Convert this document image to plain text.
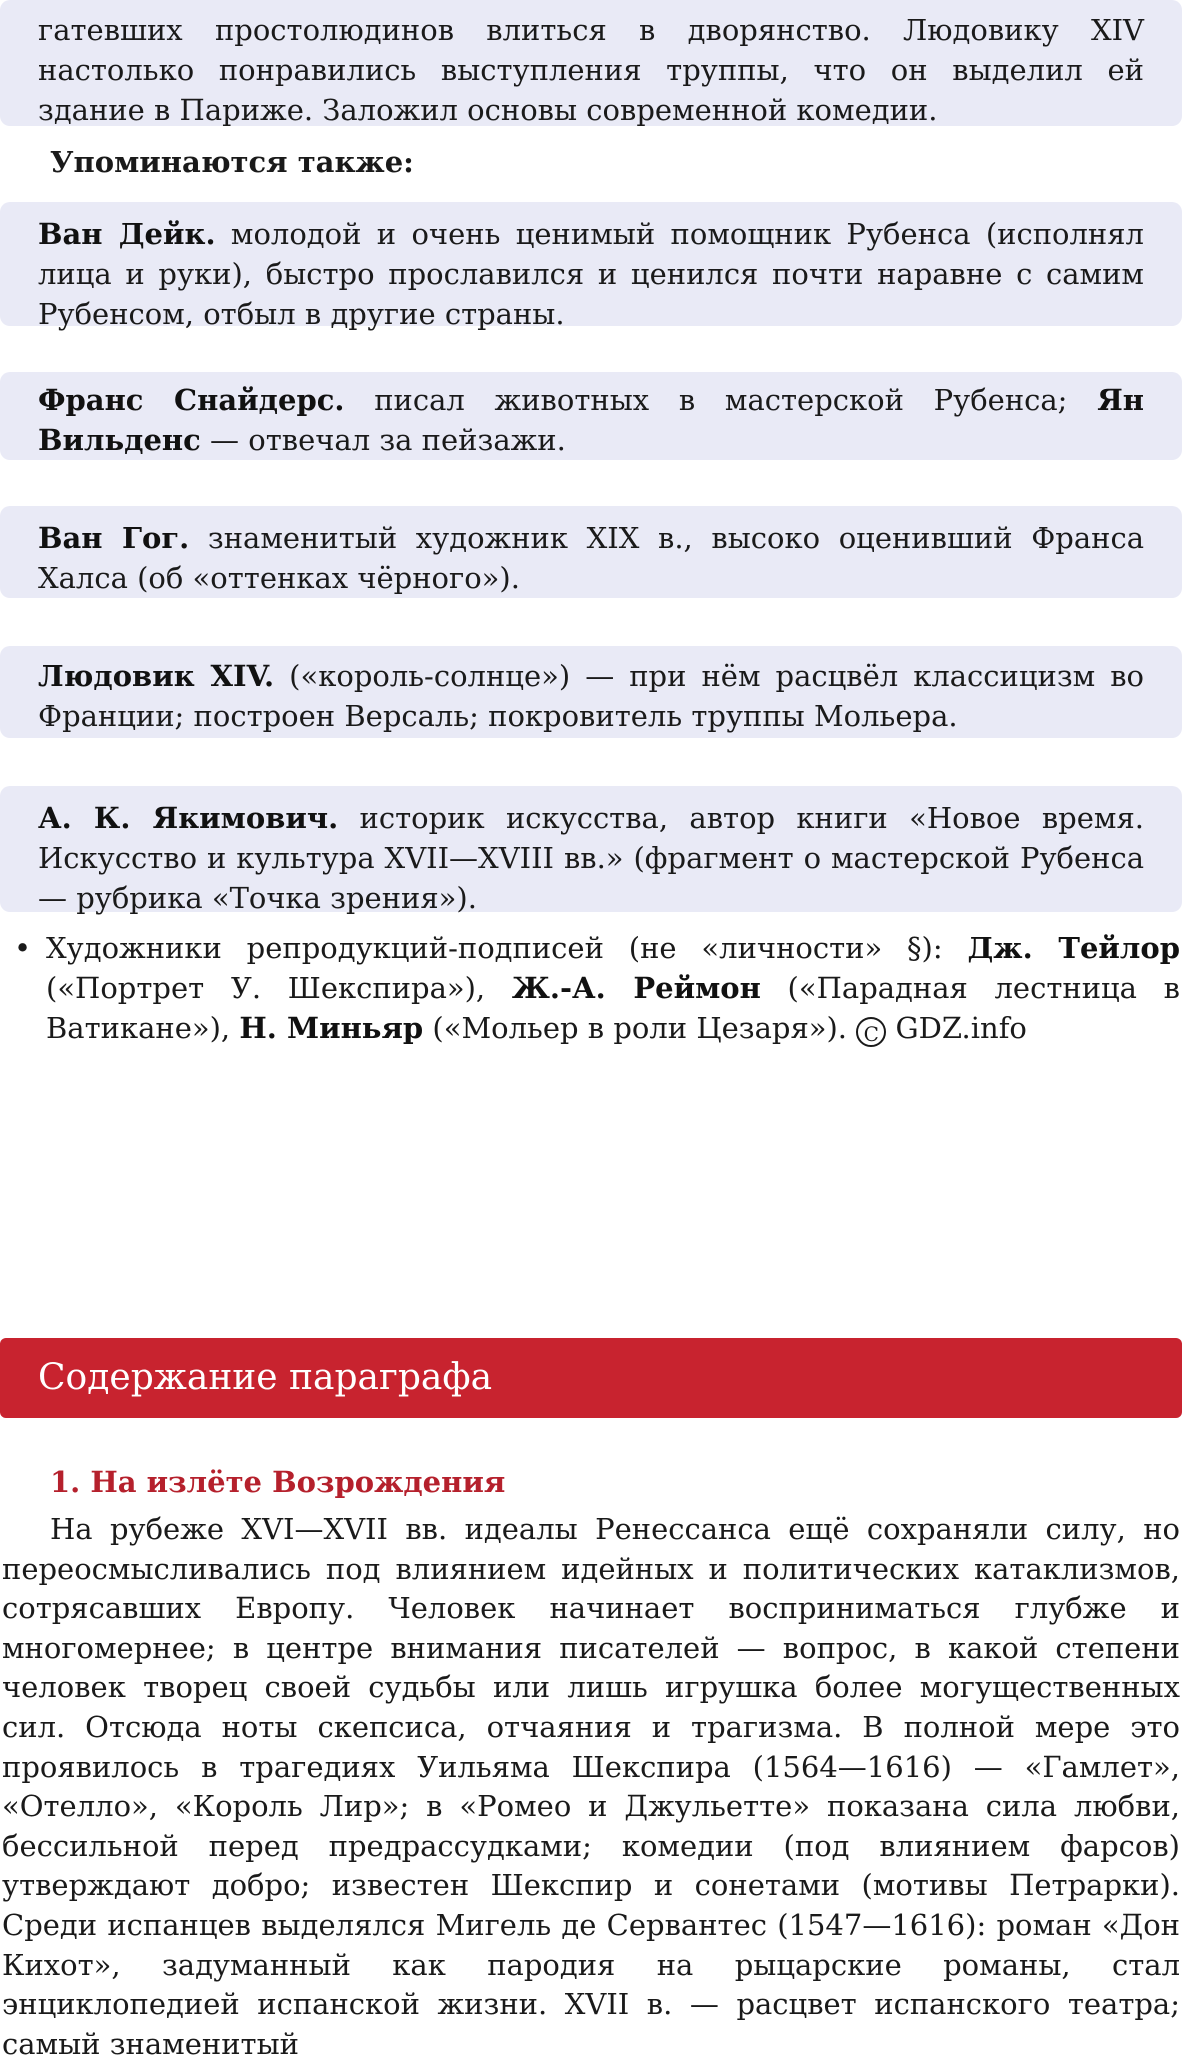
гатевших простолюдинов влиться в дворянство. Людовику XIV настолько понравились выступления труппы, что он выделил ей здание в Париже. Заложил основы современной комедии.

Упоминаются также:

Ван Дейк. молодой и очень ценимый помощник Рубенса (исполнял лица и руки), быстро прославился и ценился почти наравне с самим Рубенсом, отбыл в другие страны.

Франс Снайдерс. писал животных в мастерской Рубенса; Ян Вильденс — отвечал за пейзажи.

Ван Гог. знаменитый художник XIX в., высоко оценивший Франса Халса (об «оттенках чёрного»).

Людовик XIV. («король-солнце») — при нём расцвёл классицизм во Франции; построен Версаль; покровитель труппы Мольера.

А. К. Якимович. историк искусства, автор книги «Новое время. Искусство и культура XVII—XVIII вв.» (фрагмент о мастерской Рубенса — рубрика «Точка зрения»).

• Художники репродукций-подписей (не «личности» §): Дж. Тейлор («Портрет У. Шекспира»), Ж.-А. Реймон («Парадная лестница в Ватикане»), Н. Миньяр («Мольер в роли Цезаря»). C GDZ.info

Содержание параграфа
1. На излёте Возрождения

На рубеже XVI—XVII вв. идеалы Ренессанса ещё сохраняли силу, но переосмысливались под влиянием идейных и политических катаклизмов, сотрясавших Европу. Человек начинает восприниматься глубже и многомернее; в центре внимания писателей — вопрос, в какой степени человек творец своей судьбы или лишь игрушка более могущественных сил. Отсюда ноты скепсиса, отчаяния и трагизма. В полной мере это проявилось в трагедиях Уильяма Шекспира (1564—1616) — «Гамлет», «Отелло», «Король Лир»; в «Ромео и Джульетте» показана сила любви, бессильной перед предрассудками; комедии (под влиянием фарсов) утверждают добро; известен Шекспир и сонетами (мотивы Петрарки). Среди испанцев выделялся Мигель де Сервантес (1547—1616): роман «Дон Кихот», задуманный как пародия на рыцарские романы, стал энциклопедией испанской жизни. XVII в. — расцвет испанского театра; самый знаменитый
